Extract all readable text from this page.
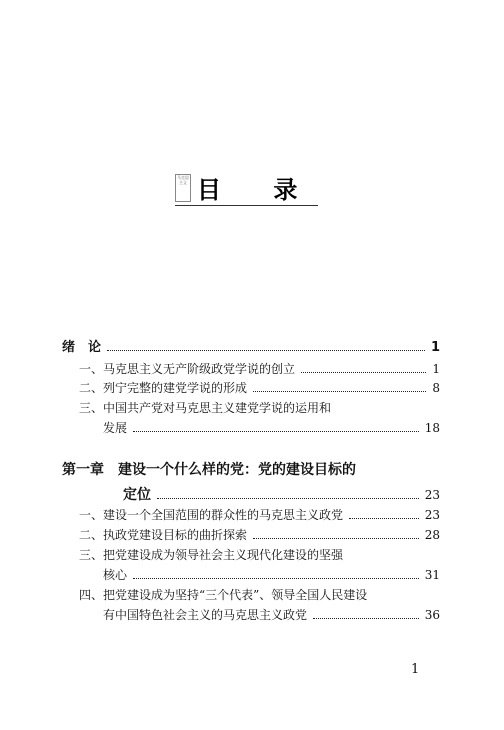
马克思主义 目 录
绪　论	1
一、马克思主义无产阶级政党学说的创立	1
二、列宁完整的建党学说的形成	8
三、中国共产党对马克思主义建党学说的运用和
发展	18
第一章　建设一个什么样的党：党的建设目标的
定位	23
一、建设一个全国范围的群众性的马克思主义政党	23
二、执政党建设目标的曲折探索	28
三、把党建设成为领导社会主义现代化建设的坚强
核心	31
四、把党建设成为坚持“三个代表”、领导全国人民建设
有中国特色社会主义的马克思主义政党	36
1
